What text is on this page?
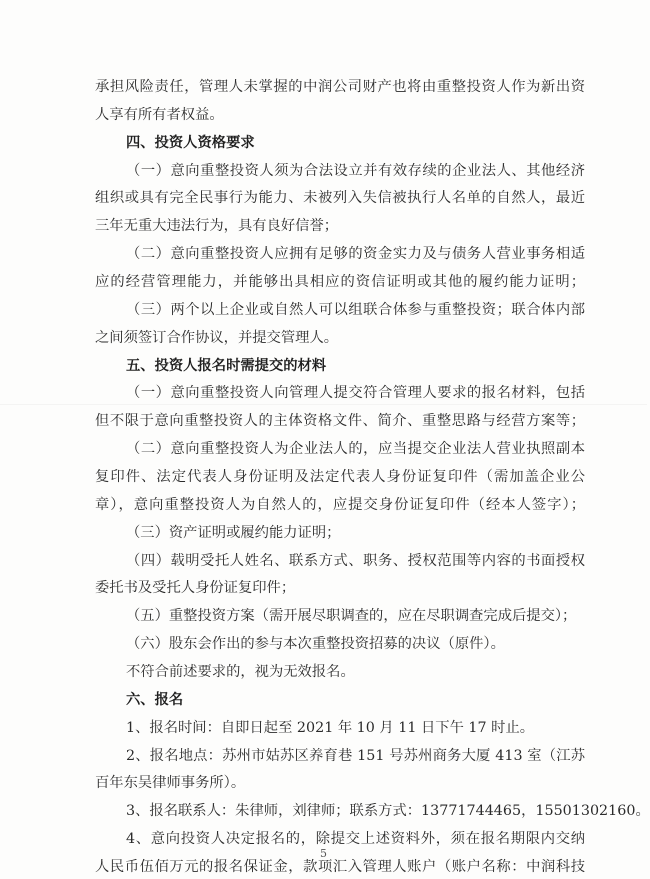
承担风险责任，管理人未掌握的中润公司财产也将由重整投资人作为新出资
人享有所有者权益。
四、投资人资格要求
（一）意向重整投资人须为合法设立并有效存续的企业法人、其他经济
组织或具有完全民事行为能力、未被列入失信被执行人名单的自然人，最近
三年无重大违法行为，具有良好信誉；
（二）意向重整投资人应拥有足够的资金实力及与债务人营业事务相适
应的经营管理能力，并能够出具相应的资信证明或其他的履约能力证明；
（三）两个以上企业或自然人可以组联合体参与重整投资；联合体内部
之间须签订合作协议，并提交管理人。
五、投资人报名时需提交的材料
（一）意向重整投资人向管理人提交符合管理人要求的报名材料，包括
但不限于意向重整投资人的主体资格文件、简介、重整思路与经营方案等；
（二）意向重整投资人为企业法人的，应当提交企业法人营业执照副本
复印件、法定代表人身份证明及法定代表人身份证复印件（需加盖企业公
章），意向重整投资人为自然人的，应提交身份证复印件（经本人签字）；
（三）资产证明或履约能力证明；
（四）载明受托人姓名、联系方式、职务、授权范围等内容的书面授权
委托书及受托人身份证复印件；
（五）重整投资方案（需开展尽职调查的，应在尽职调查完成后提交）；
（六）股东会作出的参与本次重整投资招募的决议（原件）。
不符合前述要求的，视为无效报名。
六、报名
1、报名时间：自即日起至 2021 年 10 月 11 日下午 17 时止。
2、报名地点：苏州市姑苏区养育巷 151 号苏州商务大厦 413 室（江苏
百年东吴律师事务所）。
3、报名联系人：朱律师，刘律师；联系方式：13771744465，15501302160。
4、意向投资人决定报名的，除提交上述资料外，须在报名期限内交纳
人民币伍佰万元的报名保证金，款项汇入管理人账户（账户名称：中润科技
5
